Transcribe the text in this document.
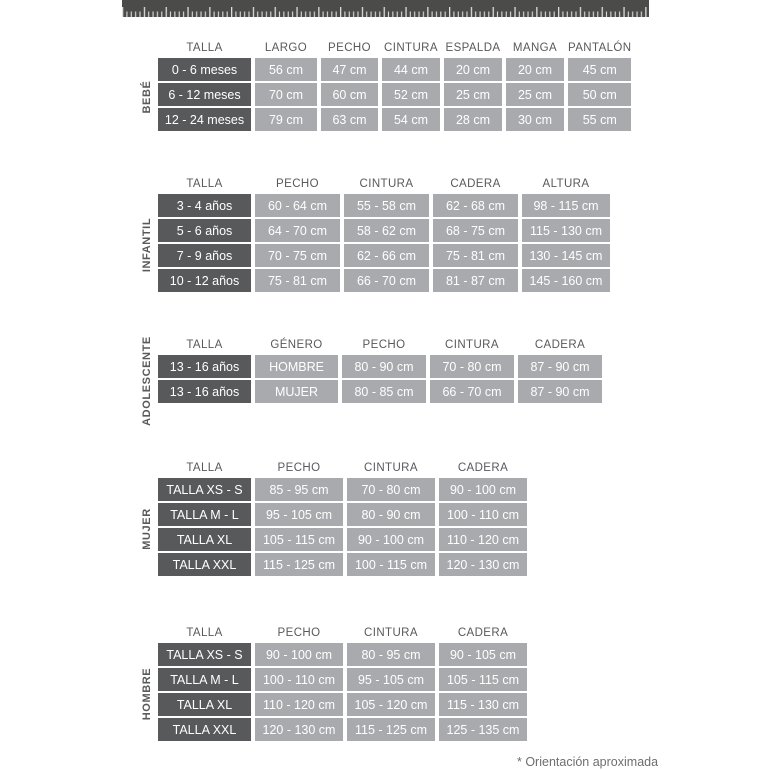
BEBÉ
TALLA	LARGO	PECHO	CINTURA	ESPALDA	MANGA	PANTALÓN
0 - 6 meses	56 cm	47 cm	44 cm	20 cm	20 cm	45 cm
6 - 12 meses	70 cm	60 cm	52 cm	25 cm	25 cm	50 cm
12 - 24 meses	79 cm	63 cm	54 cm	28 cm	30 cm	55 cm
INFANTIL
TALLA	PECHO	CINTURA	CADERA	ALTURA
3 - 4 años	60 - 64 cm	55 - 58 cm	62 - 68 cm	98 - 115 cm
5 - 6 años	64 - 70 cm	58 - 62 cm	68 - 75 cm	115 - 130 cm
7 - 9 años	70 - 75 cm	62 - 66 cm	75 - 81 cm	130 - 145 cm
10 - 12 años	75 - 81 cm	66 - 70 cm	81 - 87 cm	145 - 160 cm
ADOLESCENTE	TALLA	GÉNERO	PECHO	CINTURA	CADERA
13 - 16 años	HOMBRE	80 - 90 cm	70 - 80 cm	87 - 90 cm
13 - 16 años	MUJER	80 - 85 cm	66 - 70 cm	87 - 90 cm
MUJER
TALLA	PECHO	CINTURA	CADERA
TALLA XS - S	85 - 95 cm	70 - 80 cm	90 - 100 cm
TALLA M - L	95 - 105 cm	80 - 90 cm	100 - 110 cm
TALLA XL	105 - 115 cm	90 - 100 cm	110 - 120 cm
TALLA XXL	115 - 125 cm	100 - 115 cm	120 - 130 cm
HOMBRE
TALLA	PECHO	CINTURA	CADERA
TALLA XS - S	90 - 100 cm	80 - 95 cm	90 - 105 cm
TALLA M - L	100 - 110 cm	95 - 105 cm	105 - 115 cm
TALLA XL	110 - 120 cm	105 - 120 cm	115 - 130 cm
TALLA XXL	120 - 130 cm	115 - 125 cm	125 - 135 cm
* Orientación aproximada
